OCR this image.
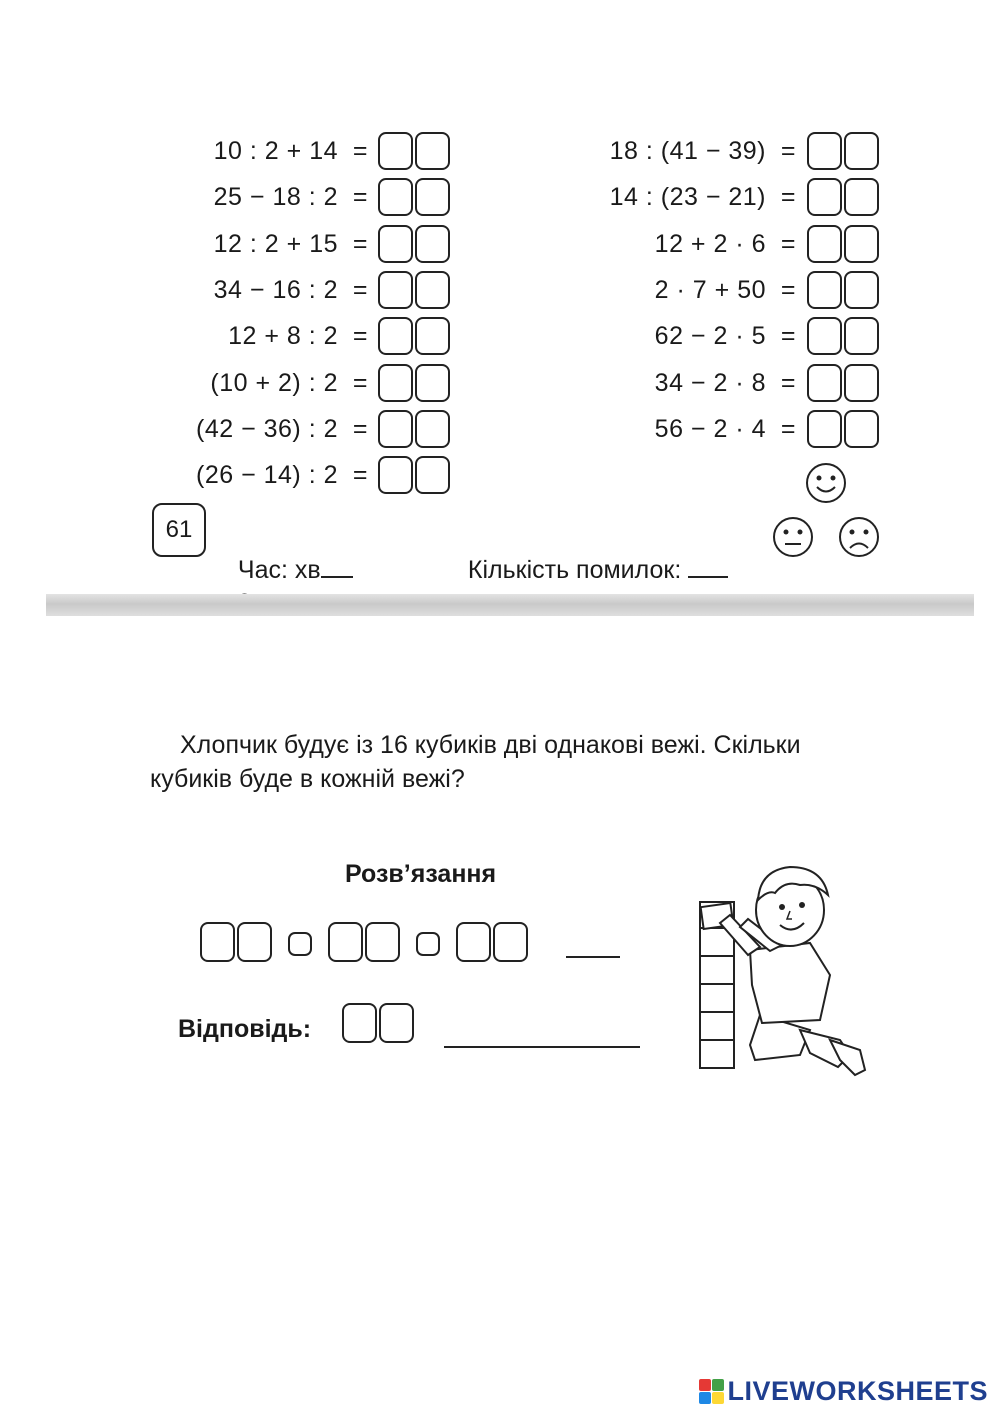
10 : 2 + 14  =
25 − 18 : 2  =
12 : 2 + 15  =
34 − 16 : 2  =
12 + 8 : 2  =
(10 + 2) : 2  =
(42 − 36) : 2  =
(26 − 14) : 2  =
18 : (41 − 39)  =
14 : (23 − 21)  =
12 + 2 · 6  =
2 · 7 + 50  =
62 − 2 · 5  =
34 − 2 · 8  =
56 − 2 · 4  =
61

Час: хв
	Кількість помилок:

Хлопчик будує із 16 кубиків дві однакові вежі. Скільки

кубиків буде в кожній вежі?

Розв’язання
Відповідь:
LIVEWORKSHEETS
